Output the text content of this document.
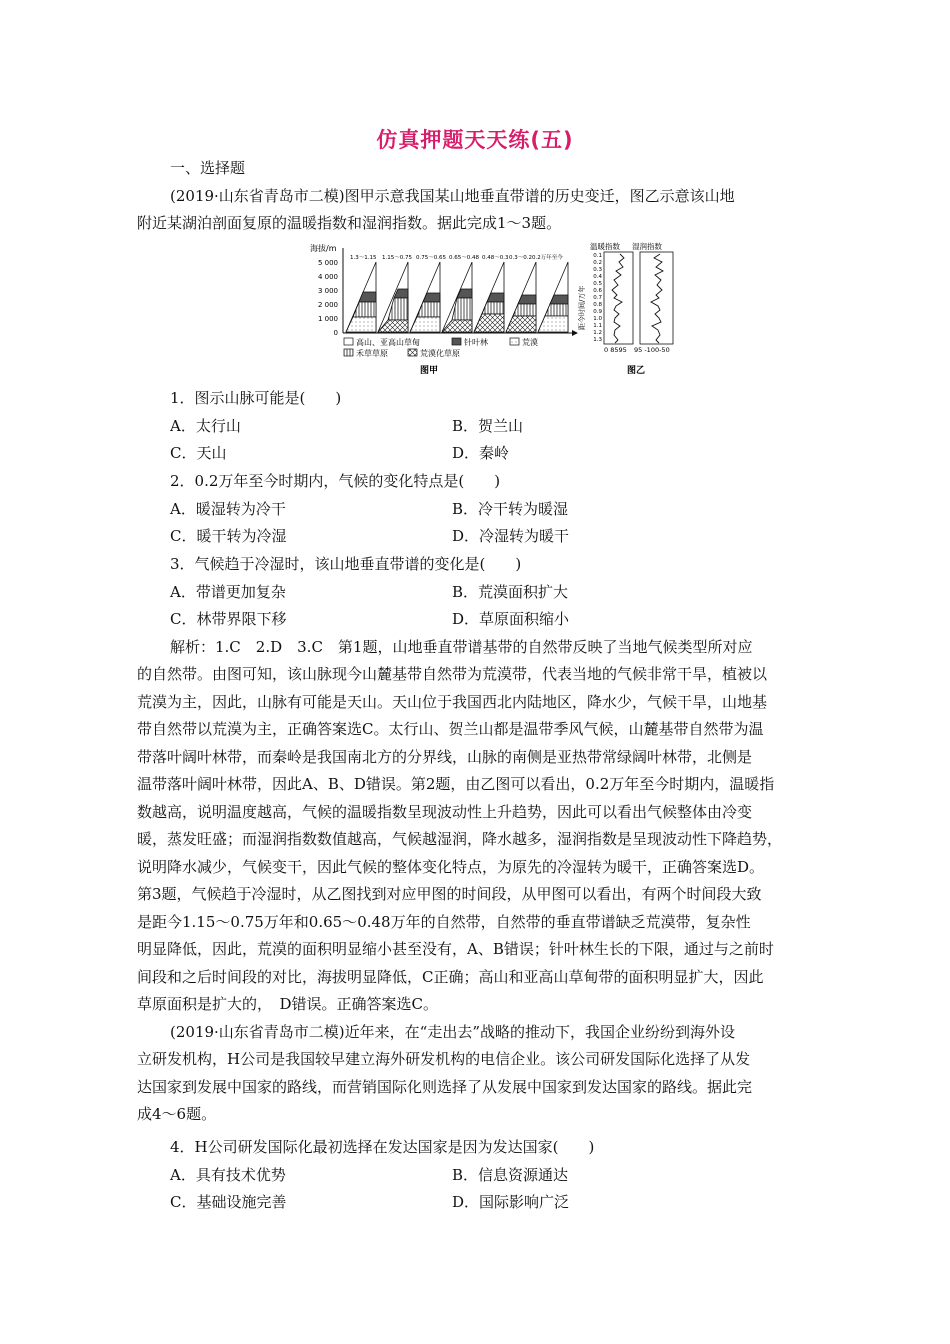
仿真押题天天练(五)
一、选择题
(2019·山东省青岛市二模)图甲示意我国某山地垂直带谱的历史变迁，图乙示意该山地
附近某湖泊剖面复原的温暖指数和湿润指数。据此完成1～3题。
海拔/m
5 000
4 000
3 000
2 000
1 000
0
1.3～1.15 1.15～0.75 0.75～0.65 0.65～0.48 0.48～0.3 0.3～0.2 0.2万年至今
高山、亚高山草甸	针叶林	荒漠
禾草草原	荒漠化草原
图甲
温暖指数 湿润指数
距今时间/万年
0.1
0.2
0.3
0.4
0.5
0.6
0.7
0.8
0.9
1.0
1.1
1.2
1.3
0 8595 95 -100-50
图乙
1．图示山脉可能是(　　)
A．太行山	B．贺兰山
C．天山	D．秦岭
2．0.2万年至今时期内，气候的变化特点是(　　)
A．暖湿转为冷干	B．冷干转为暖湿
C．暖干转为冷湿	D．冷湿转为暖干
3．气候趋于冷湿时，该山地垂直带谱的变化是(　　)
A．带谱更加复杂	B．荒漠面积扩大
C．林带界限下移	D．草原面积缩小
解析：1.C　2.D　3.C　第1题，山地垂直带谱基带的自然带反映了当地气候类型所对应
的自然带。由图可知，该山脉现今山麓基带自然带为荒漠带，代表当地的气候非常干旱，植被以
荒漠为主，因此，山脉有可能是天山。天山位于我国西北内陆地区，降水少，气候干旱，山地基
带自然带以荒漠为主，正确答案选C。太行山、贺兰山都是温带季风气候，山麓基带自然带为温
带落叶阔叶林带，而秦岭是我国南北方的分界线，山脉的南侧是亚热带常绿阔叶林带，北侧是
温带落叶阔叶林带，因此A、B、D错误。第2题，由乙图可以看出，0.2万年至今时期内，温暖指
数越高，说明温度越高，气候的温暖指数呈现波动性上升趋势，因此可以看出气候整体由冷变
暖，蒸发旺盛；而湿润指数数值越高，气候越湿润，降水越多，湿润指数是呈现波动性下降趋势，
说明降水减少，气候变干，因此气候的整体变化特点，为原先的冷湿转为暖干，正确答案选D。
第3题，气候趋于冷湿时，从乙图找到对应甲图的时间段，从甲图可以看出，有两个时间段大致
是距今1.15～0.75万年和0.65～0.48万年的自然带，自然带的垂直带谱缺乏荒漠带，复杂性
明显降低，因此，荒漠的面积明显缩小甚至没有，A、B错误；针叶林生长的下限，通过与之前时
间段和之后时间段的对比，海拔明显降低，C正确；高山和亚高山草甸带的面积明显扩大，因此
草原面积是扩大的，　D错误。正确答案选C。
(2019·山东省青岛市二模)近年来，在“走出去”战略的推动下，我国企业纷纷到海外设
立研发机构，H公司是我国较早建立海外研发机构的电信企业。该公司研发国际化选择了从发
达国家到发展中国家的路线，而营销国际化则选择了从发展中国家到发达国家的路线。据此完
成4～6题。
4．H公司研发国际化最初选择在发达国家是因为发达国家(　　)
A．具有技术优势	B．信息资源通达
C．基础设施完善	D．国际影响广泛
